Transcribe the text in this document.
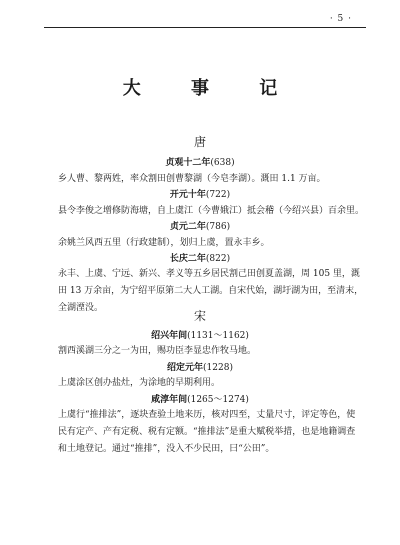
· 5 ·
大 事 记
唐
贞观十二年(638)

乡人曹、黎两姓，率众割田创曹黎湖（今皂李湖）。溉田 1.1 万亩。

开元十年(722)

县令李俊之增修防海塘，自上虞江（今曹娥江）抵会稽（今绍兴县）百余里。

贞元二年(786)

余姚兰风西五里（行政建制），划归上虞，置永丰乡。

长庆二年(822)

永丰、上虞、宁远、新兴、孝义等五乡居民割己田创夏盖湖，周 105 里，溉田 13 万余亩，为宁绍平原第二大人工湖。自宋代始，湖圩湖为田，至清末，全湖湮没。

宋
绍兴年间(1131～1162)

割西溪湖三分之一为田，赐功臣李显忠作牧马地。

绍定元年(1228)

上虞涂区创办盐灶，为涂地的早期利用。

咸淳年间(1265～1274)

上虞行“推排法”，逐块查验土地来历，核对四至，丈量尺寸，评定等色，使民有定产、产有定税、税有定额。“推排法”是重大赋税举措，也是地籍调查和土地登记。通过“推排”，没入不少民田，曰“公田”。
